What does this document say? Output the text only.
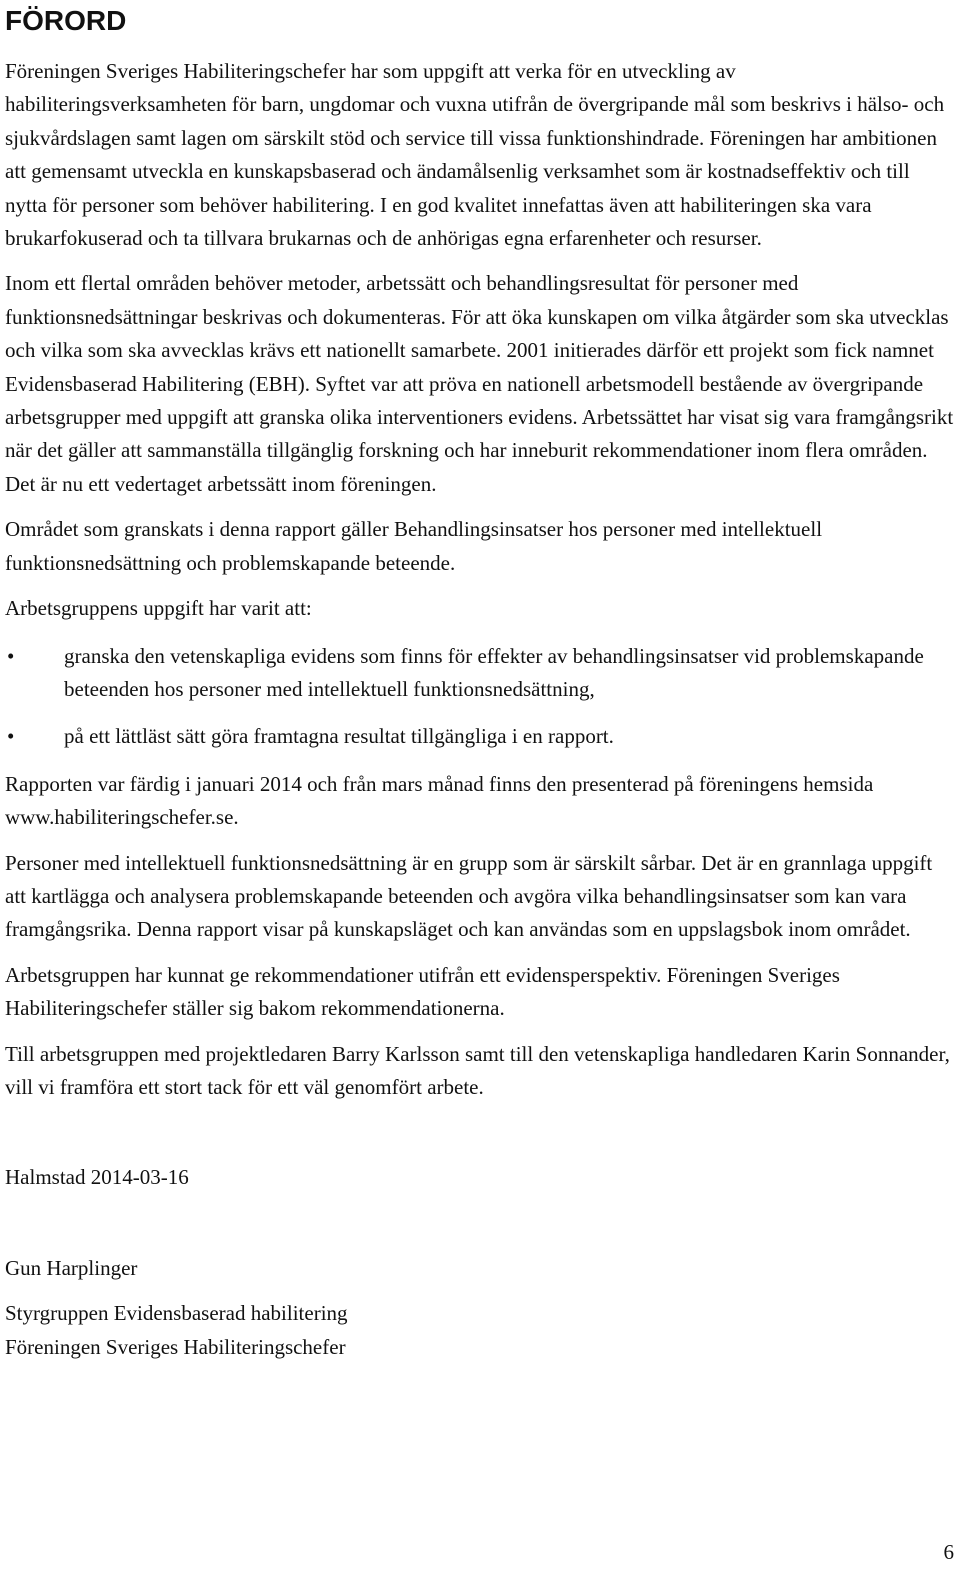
FÖRORD

Föreningen Sveriges Habiliteringschefer har som uppgift att verka för en utveckling av habiliteringsverksamheten för barn, ungdomar och vuxna utifrån de övergripande mål som beskrivs i hälso- och sjukvårdslagen samt lagen om särskilt stöd och service till vissa funktionshindrade. Föreningen har ambitionen att gemensamt utveckla en kunskapsbaserad och ändamålsenlig verksamhet som är kostnadseffektiv och till nytta för personer som behöver habilitering. I en god kvalitet innefattas även att habiliteringen ska vara brukarfokuserad och ta tillvara brukarnas och de anhörigas egna erfarenheter och resurser.

Inom ett flertal områden behöver metoder, arbetssätt och behandlingsresultat för personer med funktionsnedsättningar beskrivas och dokumenteras. För att öka kunskapen om vilka åtgärder som ska utvecklas och vilka som ska avvecklas krävs ett nationellt samarbete. 2001 initierades därför ett projekt som fick namnet Evidensbaserad Habilitering (EBH). Syftet var att pröva en nationell arbetsmodell bestående av övergripande arbetsgrupper med uppgift att granska olika interventioners evidens. Arbetssättet har visat sig vara framgångsrikt när det gäller att sammanställa tillgänglig forskning och har inneburit rekommendationer inom flera områden. Det är nu ett vedertaget arbetssätt inom föreningen.

Området som granskats i denna rapport gäller Behandlingsinsatser hos personer med intellektuell funktionsnedsättning och problemskapande beteende.

Arbetsgruppens uppgift har varit att:

• granska den vetenskapliga evidens som finns för effekter av behandlingsinsatser vid problemskapande beteenden hos personer med intellektuell funktionsnedsättning,
• på ett lättläst sätt göra framtagna resultat tillgängliga i en rapport.

Rapporten var färdig i januari 2014 och från mars månad finns den presenterad på föreningens hemsida www.habiliteringschefer.se.

Personer med intellektuell funktionsnedsättning är en grupp som är särskilt sårbar. Det är en grannlaga uppgift att kartlägga och analysera problemskapande beteenden och avgöra vilka behandlingsinsatser som kan vara framgångsrika. Denna rapport visar på kunskapsläget och kan användas som en uppslagsbok inom området.

Arbetsgruppen har kunnat ge rekommendationer utifrån ett evidensperspektiv. Föreningen Sveriges Habiliteringschefer ställer sig bakom rekommendationerna.

Till arbetsgruppen med projektledaren Barry Karlsson samt till den vetenskapliga handledaren Karin Sonnander, vill vi framföra ett stort tack för ett väl genomfört arbete.

Halmstad 2014-03-16

Gun Harplinger

Styrgruppen Evidensbaserad habilitering

Föreningen Sveriges Habiliteringschefer

6
